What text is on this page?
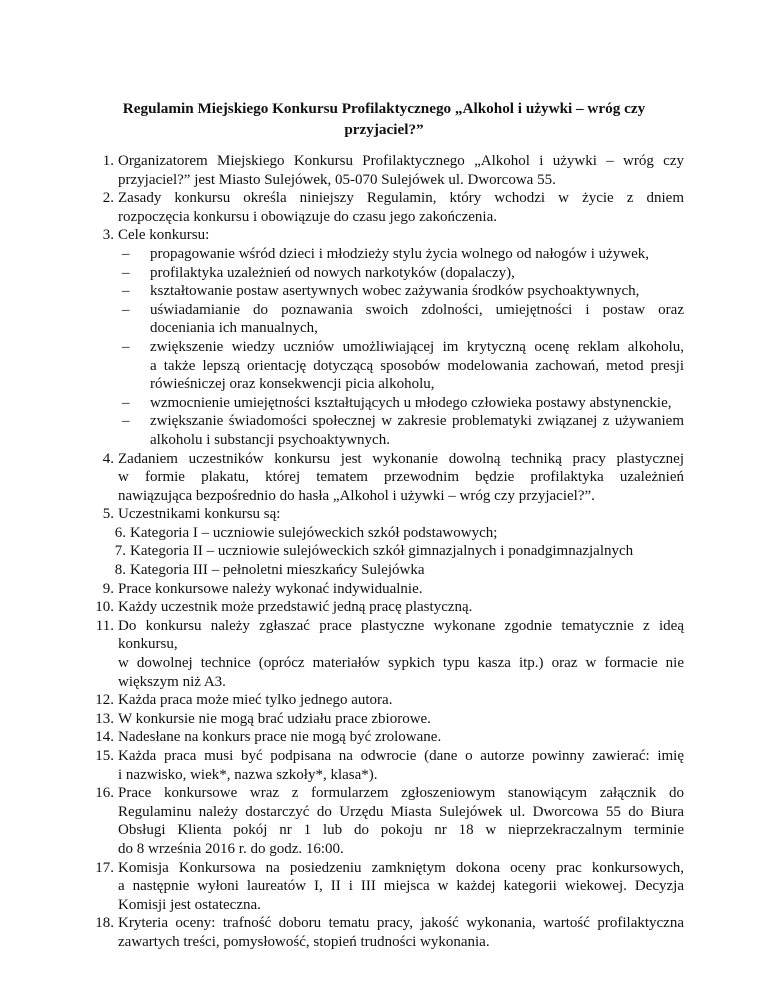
Regulamin Miejskiego Konkursu Profilaktycznego „Alkohol i używki – wróg czy
przyjaciel?”
1. Organizatorem Miejskiego Konkursu Profilaktycznego „Alkohol i używki – wróg czy
przyjaciel?” jest Miasto Sulejówek, 05-070 Sulejówek ul. Dworcowa 55.
2. Zasady konkursu określa niniejszy Regulamin, który wchodzi w życie z dniem
rozpoczęcia konkursu i obowiązuje do czasu jego zakończenia.
3. Cele konkursu:
– propagowanie wśród dzieci i młodzieży stylu życia wolnego od nałogów i używek,
– profilaktyka uzależnień od nowych narkotyków (dopalaczy),
– kształtowanie postaw asertywnych wobec zażywania środków psychoaktywnych,
– uświadamianie do poznawania swoich zdolności, umiejętności i postaw oraz
doceniania ich manualnych,
– zwiększenie wiedzy uczniów umożliwiającej im krytyczną ocenę reklam alkoholu,
a także lepszą orientację dotyczącą sposobów modelowania zachowań, metod presji
rówieśniczej oraz konsekwencji picia alkoholu,
– wzmocnienie umiejętności kształtujących u młodego człowieka postawy abstynenckie,
– zwiększanie świadomości społecznej w zakresie problematyki związanej z używaniem
alkoholu i substancji psychoaktywnych.
4. Zadaniem uczestników konkursu jest wykonanie dowolną techniką pracy plastycznej
w formie plakatu, której tematem przewodnim będzie profilaktyka uzależnień
nawiązująca bezpośrednio do hasła „Alkohol i używki – wróg czy przyjaciel?”.
5. Uczestnikami konkursu są:
6. Kategoria I – uczniowie sulejóweckich szkół podstawowych;
7. Kategoria II – uczniowie sulejóweckich szkół gimnazjalnych i ponadgimnazjalnych
8. Kategoria III – pełnoletni mieszkańcy Sulejówka
9. Prace konkursowe należy wykonać indywidualnie.
10. Każdy uczestnik może przedstawić jedną pracę plastyczną.
11. Do konkursu należy zgłaszać prace plastyczne wykonane zgodnie tematycznie z ideą
konkursu,
w dowolnej technice (oprócz materiałów sypkich typu kasza itp.) oraz w formacie nie
większym niż A3.
12. Każda praca może mieć tylko jednego autora.
13. W konkursie nie mogą brać udziału prace zbiorowe.
14. Nadesłane na konkurs prace nie mogą być zrolowane.
15. Każda praca musi być podpisana na odwrocie (dane o autorze powinny zawierać: imię
i nazwisko, wiek*, nazwa szkoły*, klasa*).
16. Prace konkursowe wraz z formularzem zgłoszeniowym stanowiącym załącznik do
Regulaminu należy dostarczyć do Urzędu Miasta Sulejówek ul. Dworcowa 55 do Biura
Obsługi Klienta pokój nr 1 lub do pokoju nr 18 w nieprzekraczalnym terminie
do 8 września 2016 r. do godz. 16:00.
17. Komisja Konkursowa na posiedzeniu zamkniętym dokona oceny prac konkursowych,
a następnie wyłoni laureatów I, II i III miejsca w każdej kategorii wiekowej. Decyzja
Komisji jest ostateczna.
18. Kryteria oceny: trafność doboru tematu pracy, jakość wykonania, wartość profilaktyczna
zawartych treści, pomysłowość, stopień trudności wykonania.
